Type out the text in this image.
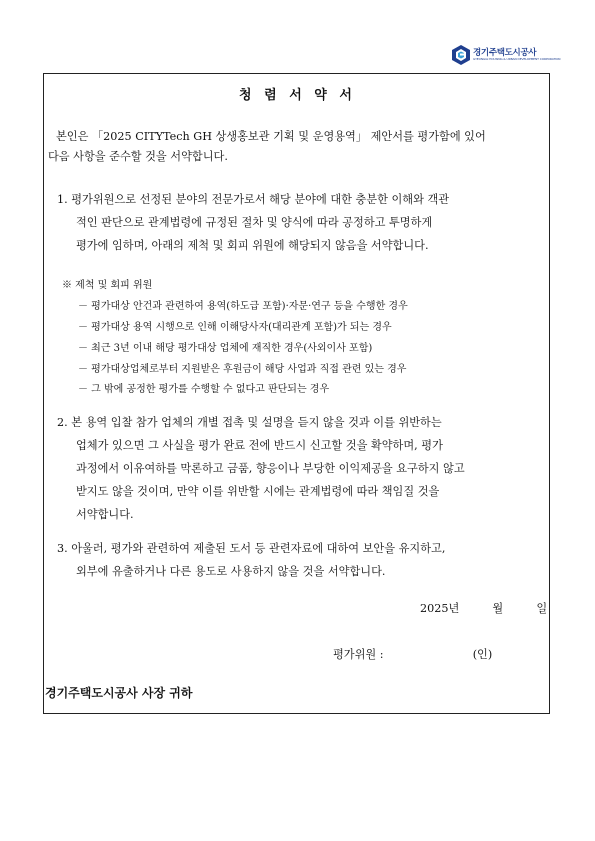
경기주택도시공사
GYEONGGI HOUSING & URBAN DEVELOPMENT CORPORATION
청 렴 서 약 서
본인은 「2025 CITYTech GH 상생홍보관 기획 및 운영용역」 제안서를 평가함에 있어
다음 사항을 준수할 것을 서약합니다.
1. 평가위원으로 선정된 분야의 전문가로서 해당 분야에 대한 충분한 이해와 객관
적인 판단으로 관계법령에 규정된 절차 및 양식에 따라 공정하고 투명하게
평가에 임하며, 아래의 제척 및 회피 위원에 해당되지 않음을 서약합니다.
※ 제척 및 회피 위원
－ 평가대상 안건과 관련하여 용역(하도급 포함)·자문·연구 등을 수행한 경우
－ 평가대상 용역 시행으로 인해 이해당사자(대리관계 포함)가 되는 경우
－ 최근 3년 이내 해당 평가대상 업체에 재직한 경우(사외이사 포함)
－ 평가대상업체로부터 지원받은 후원금이 해당 사업과 직접 관련 있는 경우
－ 그 밖에 공정한 평가를 수행할 수 없다고 판단되는 경우
2. 본 용역 입찰 참가 업체의 개별 접촉 및 설명을 듣지 않을 것과 이를 위반하는
업체가 있으면 그 사실을 평가 완료 전에 반드시 신고할 것을 확약하며, 평가
과정에서 이유여하를 막론하고 금품, 향응이나 부당한 이익제공을 요구하지 않고
받지도 않을 것이며, 만약 이를 위반할 시에는 관계법령에 따라 책임질 것을
서약합니다.
3. 아울러, 평가와 관련하여 제출된 도서 등 관련자료에 대하여 보안을 유지하고,
외부에 유출하거나 다른 용도로 사용하지 않을 것을 서약합니다.
2025년	월	일
평가위원 :	(인)
경기주택도시공사 사장 귀하
